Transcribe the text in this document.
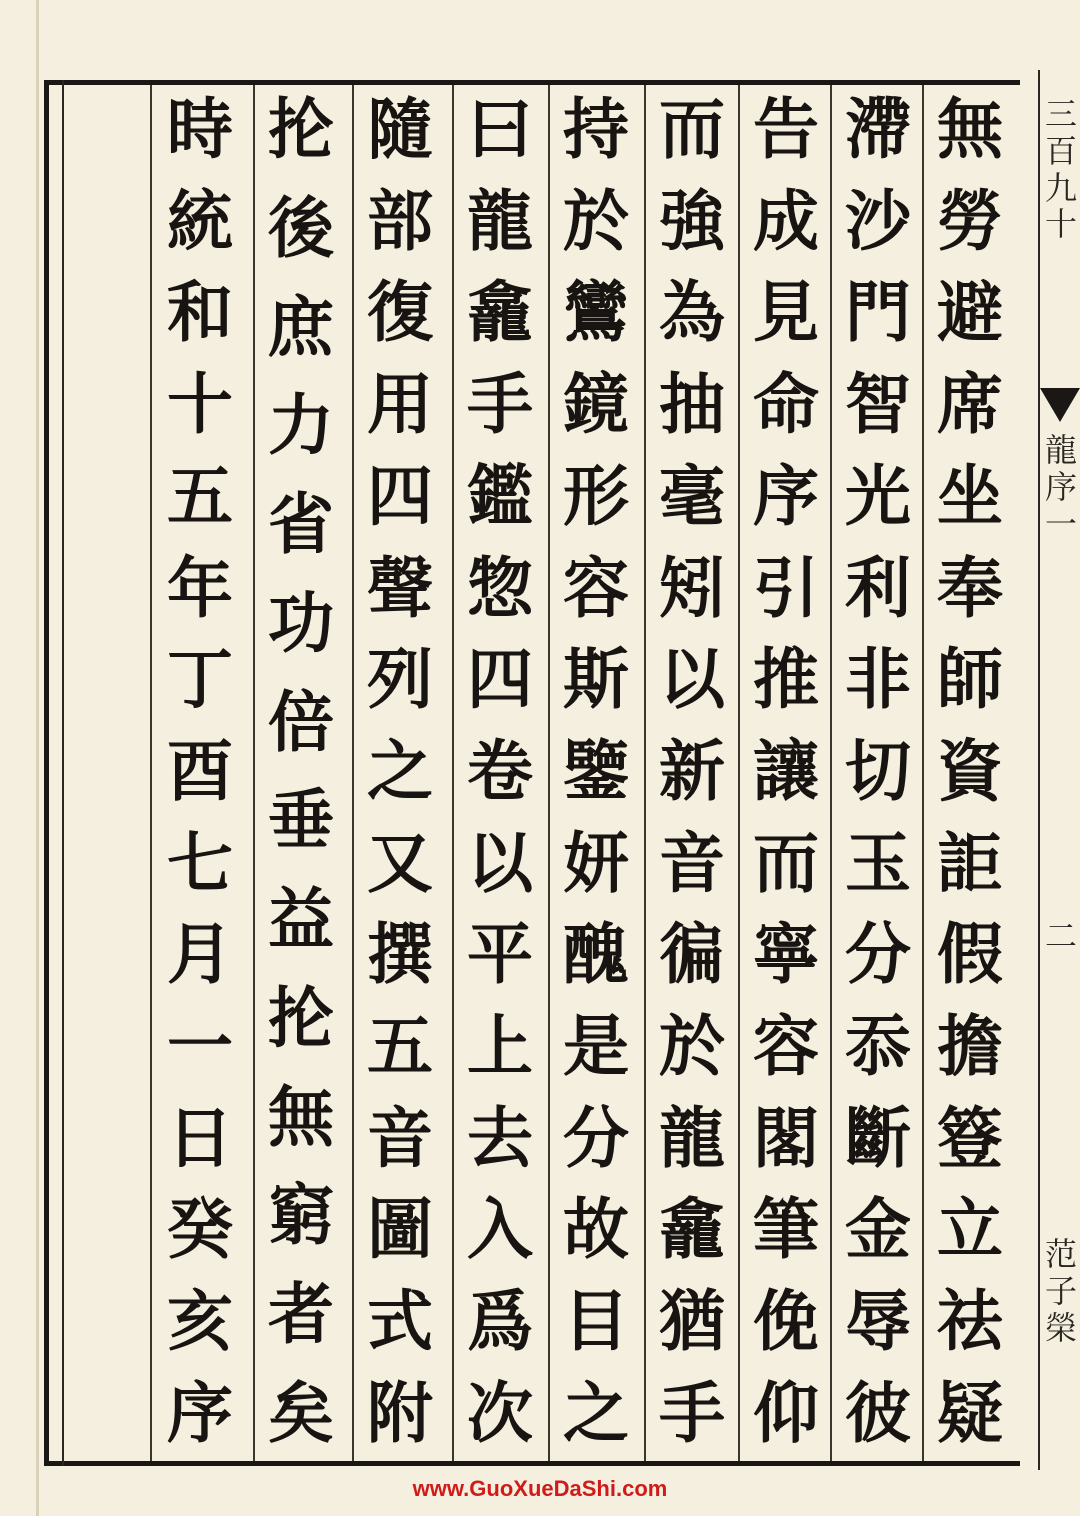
無
勞
避
席
坐
奉
師
資
詎
假
擔
簦
立
祛
疑
滯
沙
門
智
光
利
非
切
玉
分
忝
斷
金
辱
彼
告
成
見
命
序
引
推
讓
而
寧
容
閣
筆
俛
仰
而
強
為
抽
毫
矧
以
新
音
徧
於
龍
龕
猶
手
持
於
鸞
鏡
形
容
斯
鑒
妍
醜
是
分
故
目
之
曰
龍
龕
手
鑑
惣
四
卷
以
平
上
去
入
爲
次
隨
部
復
用
四
聲
列
之
又
撰
五
音
圖
式
附
抡
後
庶
力
省
功
倍
垂
益
抡
無
窮
者
矣
時
統
和
十
五
年
丁
酉
七
月
一
日
癸
亥
序
三
百
九
十
龍
序
一
二
范
子
榮
www.GuoXueDaShi.com
